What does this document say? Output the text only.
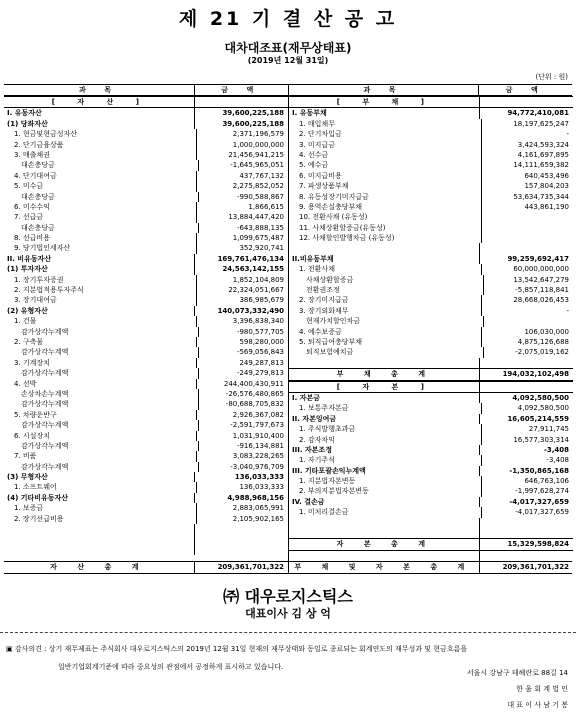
제 21 기 결 산 공 고
대차대조표(재무상태표)
(2019년 12월 31일)
(단위 : 원)
과 목	금 액	과 목	금 액
[ 자 산 ]
I. 유동자산	39,600,225,188
(1) 당좌자산	39,600,225,188
1. 현금및현금성자산	2,371,196,579
2. 단기금융상품	1,000,000,000
3. 매출채권	21,456,941,215
대손충당금	-1,645,965,051
4. 단기대여금	437,767,132
5. 미수금	2,275,852,052
대손충당금	-990,588,867
6. 미수수익	1,866,615
7. 선급금	13,884,447,420
대손충당금	-643,888,135
8. 선급비용	1,099,675,487
9. 당기법인세자산	352,920,741
II. 비유동자산	169,761,476,134
(1) 투자자산	24,563,142,155
1. 장기투자증권	1,852,104,809
2. 지분법적용투자주식	22,324,051,667
3. 장기대여금	386,985,679
(2) 유형자산	140,073,332,490
1. 건물	3,396,838,340
감가상각누계액	-980,577,705
2. 구축물	598,280,000
감가상각누계액	-569,056,843
3. 기계장치	249,287,813
감가상각누계액	-249,279,813
4. 선박	244,400,430,911
손상차손누계액	-26,576,480,865
감가상각누계액	-80,688,705,832
5. 차량운반구	2,926,367,082
감가상각누계액	-2,591,797,673
6. 시설장치	1,031,910,400
감가상각누계액	-916,134,881
7. 비품	3,083,228,265
감가상각누계액	-3,040,976,709
(3) 무형자산	136,033,333
1. 소프트웨어	136,033,333
(4) 기타비유동자산	4,988,968,156
1. 보증금	2,883,065,991
2. 장기선급비용	2,105,902,165
[ 부 채 ]
I. 유동부채	94,772,410,081
1. 매입채무	18,197,625,247
2. 단기차입금	-
3. 미지급금	3,424,593,324
4. 선수금	4,161,697,895
5. 예수금	14,111,659,382
6. 미지급비용	640,453,496
7. 파생상품부채	157,804,203
8. 유동성장기미지급금	53,634,735,344
9. 용역손실충당부채	443,861,190
10. 전환사채 (유동성)
11. 사채상환할증금(유동성)
12. 사채할인발행차금 (유동성)
II.비유동부채	99,259,692,417
1. 전환사채	60,000,000,000
사채상환할증금	13,542,647,279
전환권조정	-5,857,118,841
2. 장기미지급금	28,668,026,453
3. 장기외화채무	-
현재가치할인차금
4. 예수보증금	106,030,000
5. 퇴직급여충당부채	4,875,126,688
퇴직보험예치금	-2,075,019,162
부 채 총 계	194,032,102,498
[ 자 본 ]
I. 자본금	4,092,580,500
1. 보통주자본금	4,092,580,500
II. 자본잉여금	16,605,214,559
1. 주식발행초과금	27,911,745
2. 감자차익	16,577,303,314
III. 자본조정	-3,408
1. 자기주식	-3,408
III. 기타포괄손익누계액	-1,350,865,168
1. 지분법자본변동	646,763,106
2. 부의지분법자본변동	-1,997,628,274
IV. 결손금	-4,017,327,659
1. 미처리결손금	-4,017,327,659
자 본 총 계	15,329,598,824
자 산 총 계	209,361,701,322	부 채 및 자 본 총 계	209,361,701,322
㈜ 대우로지스틱스
대표이사 김 상 억
▣ 감사의견 : 상기 재무제표는 주식회사 대우로지스틱스의 2019년 12월 31일 현재의 재무상태와 동일로 종료되는 회계연도의 재무성과 및 현금흐름을
일반기업회계기준에 따라 중요성의 관점에서 공정하게 표시하고 있습니다.
서울시 강남구 테헤란로 88길 14
한 울 회 계 법 인
대 표 이 사 남 기 봉
